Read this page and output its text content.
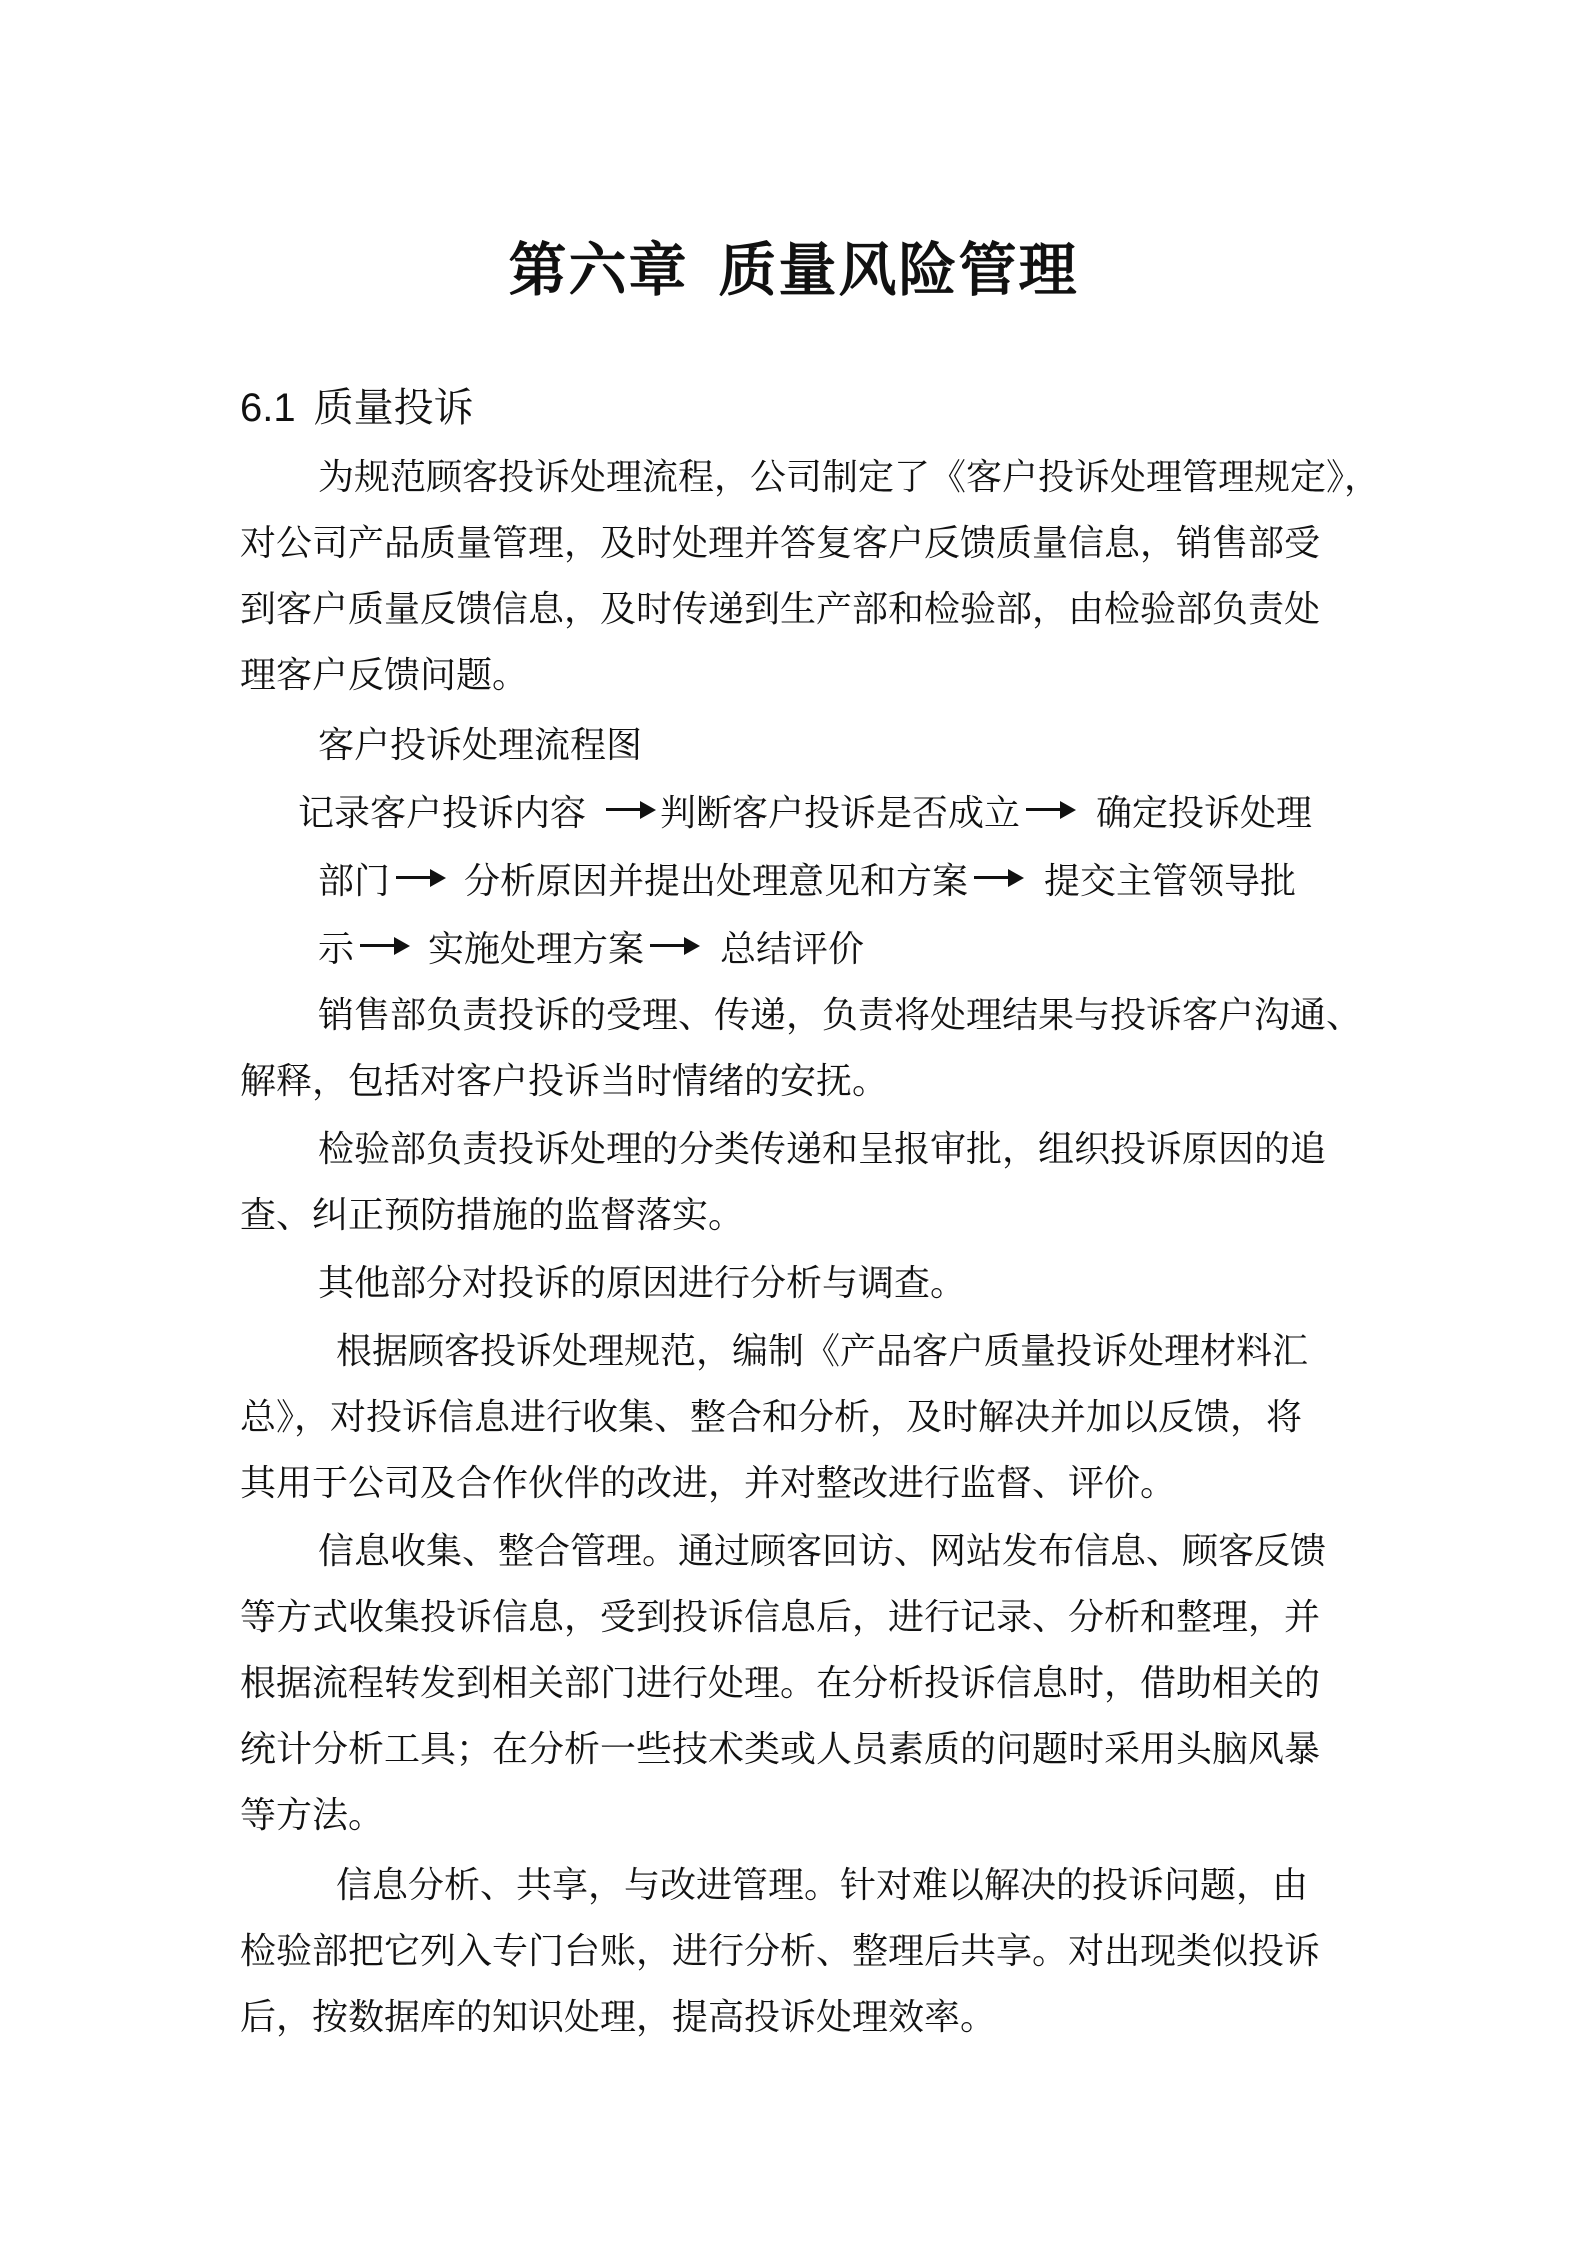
第六章 质量风险管理
6.1 质量投诉
为规范顾客投诉处理流程，公司制定了《客户投诉处理管理规定》，
对公司产品质量管理，及时处理并答复客户反馈质量信息，销售部受
到客户质量反馈信息，及时传递到生产部和检验部，由检验部负责处
理客户反馈问题。
客户投诉处理流程图
记录客户投诉内容 判断客户投诉是否成立 确定投诉处理
部门 分析原因并提出处理意见和方案 提交主管领导批
示 实施处理方案 总结评价
销售部负责投诉的受理、传递，负责将处理结果与投诉客户沟通、
解释，包括对客户投诉当时情绪的安抚。
检验部负责投诉处理的分类传递和呈报审批，组织投诉原因的追
查、纠正预防措施的监督落实。
其他部分对投诉的原因进行分析与调查。
根据顾客投诉处理规范，编制《产品客户质量投诉处理材料汇
总》，对投诉信息进行收集、整合和分析，及时解决并加以反馈，将
其用于公司及合作伙伴的改进，并对整改进行监督、评价。
信息收集、整合管理。通过顾客回访、网站发布信息、顾客反馈
等方式收集投诉信息，受到投诉信息后，进行记录、分析和整理，并
根据流程转发到相关部门进行处理。在分析投诉信息时，借助相关的
统计分析工具；在分析一些技术类或人员素质的问题时采用头脑风暴
等方法。
信息分析、共享，与改进管理。针对难以解决的投诉问题，由
检验部把它列入专门台账，进行分析、整理后共享。对出现类似投诉
后，按数据库的知识处理，提高投诉处理效率。
